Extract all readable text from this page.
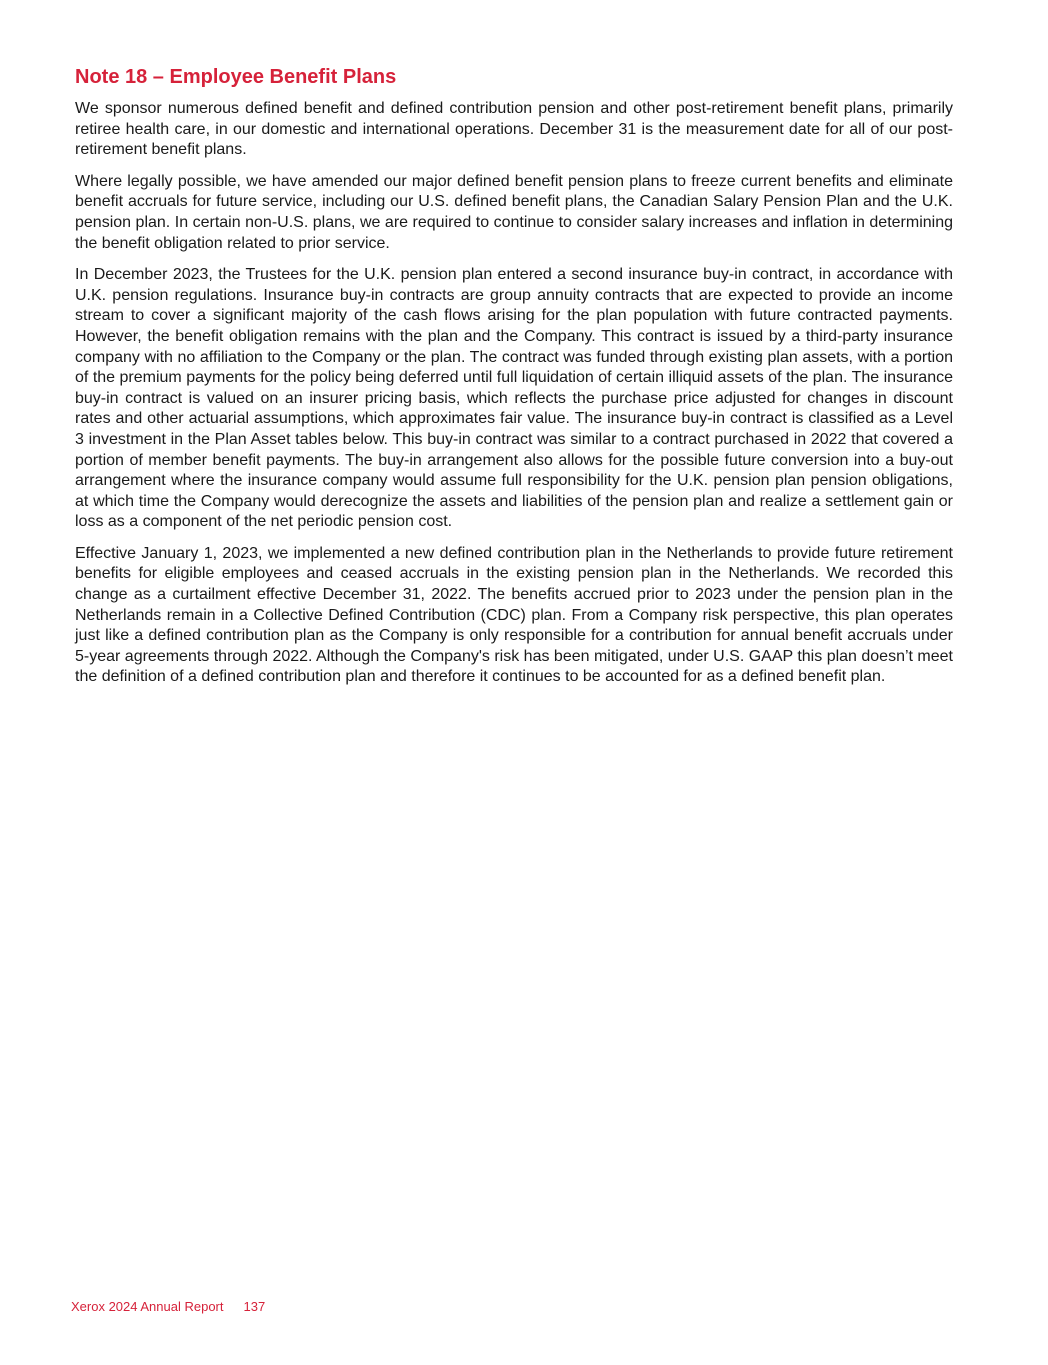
Note 18 – Employee Benefit Plans

We sponsor numerous defined benefit and defined contribution pension and other post-retirement benefit plans, primarily retiree health care, in our domestic and international operations. December 31 is the measurement date for all of our post-retirement benefit plans.

Where legally possible, we have amended our major defined benefit pension plans to freeze current benefits and eliminate benefit accruals for future service, including our U.S. defined benefit plans, the Canadian Salary Pension Plan and the U.K. pension plan. In certain non-U.S. plans, we are required to continue to consider salary increases and inflation in determining the benefit obligation related to prior service.

In December 2023, the Trustees for the U.K. pension plan entered a second insurance buy-in contract, in accordance with U.K. pension regulations. Insurance buy-in contracts are group annuity contracts that are expected to provide an income stream to cover a significant majority of the cash flows arising for the plan population with future contracted payments. However, the benefit obligation remains with the plan and the Company. This contract is issued by a third-party insurance company with no affiliation to the Company or the plan. The contract was funded through existing plan assets, with a portion of the premium payments for the policy being deferred until full liquidation of certain illiquid assets of the plan. The insurance buy-in contract is valued on an insurer pricing basis, which reflects the purchase price adjusted for changes in discount rates and other actuarial assumptions, which approximates fair value. The insurance buy-in contract is classified as a Level 3 investment in the Plan Asset tables below. This buy-in contract was similar to a contract purchased in 2022 that covered a portion of member benefit payments. The buy-in arrangement also allows for the possible future conversion into a buy-out arrangement where the insurance company would assume full responsibility for the U.K. pension plan pension obligations, at which time the Company would derecognize the assets and liabilities of the pension plan and realize a settlement gain or loss as a component of the net periodic pension cost.

Effective January 1, 2023, we implemented a new defined contribution plan in the Netherlands to provide future retirement benefits for eligible employees and ceased accruals in the existing pension plan in the Netherlands. We recorded this change as a curtailment effective December 31, 2022. The benefits accrued prior to 2023 under the pension plan in the Netherlands remain in a Collective Defined Contribution (CDC) plan. From a Company risk perspective, this plan operates just like a defined contribution plan as the Company is only responsible for a contribution for annual benefit accruals under 5-year agreements through 2022. Although the Company's risk has been mitigated, under U.S. GAAP this plan doesn’t meet the definition of a defined contribution plan and therefore it continues to be accounted for as a defined benefit plan.

Xerox 2024 Annual Report 137
